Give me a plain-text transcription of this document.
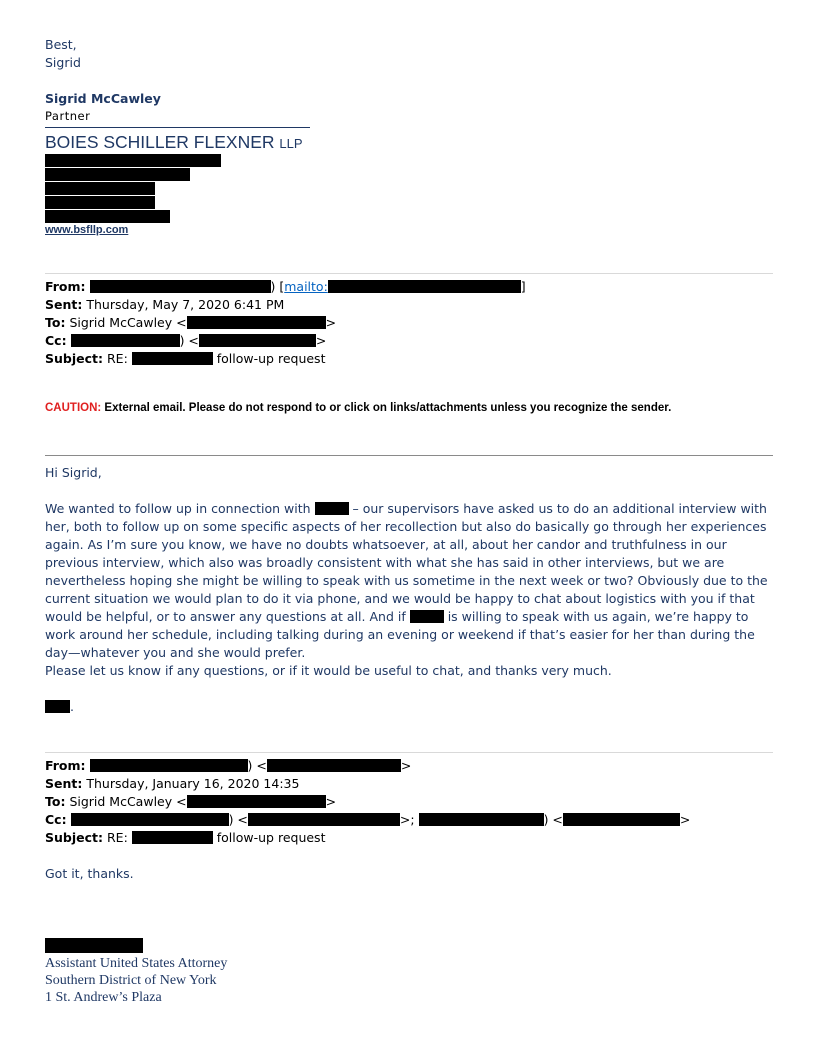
Best,
Sigrid
Sigrid McCawley
Partner
BOIES SCHILLER FLEXNER LLP
www.bsfllp.com
From:	) [mailto:	]
Sent: Thursday, May 7, 2020 6:41 PM
To: Sigrid McCawley <	>
Cc:	) <	>
Subject: RE:	follow-up request
CAUTION: External email. Please do not respond to or click on links/attachments unless you recognize the sender.
Hi Sigrid,
We wanted to follow up in connection with	– our supervisors have asked us to do an additional interview with her, both to follow up on some specific aspects of her recollection but also do basically go through her experiences again. As I’m sure you know, we have no doubts whatsoever, at all, about her candor and truthfulness in our previous interview, which also was broadly consistent with what she has said in other interviews, but we are nevertheless hoping she might be willing to speak with us sometime in the next week or two? Obviously due to the current situation we would plan to do it via phone, and we would be happy to chat about logistics with you if that would be helpful, or to answer any questions at all. And if	is willing to speak with us again, we’re happy to work around her schedule, including talking during an evening or weekend if that’s easier for her than during the day—whatever you and she would prefer.
Please let us know if any questions, or if it would be useful to chat, and thanks very much.
.
From:	) <	>
Sent: Thursday, January 16, 2020 14:35
To: Sigrid McCawley <	>
Cc:	) <	>;	) <	>
Subject: RE:	follow-up request
Got it, thanks.
Assistant United States Attorney
Southern District of New York
1 St. Andrew’s Plaza
